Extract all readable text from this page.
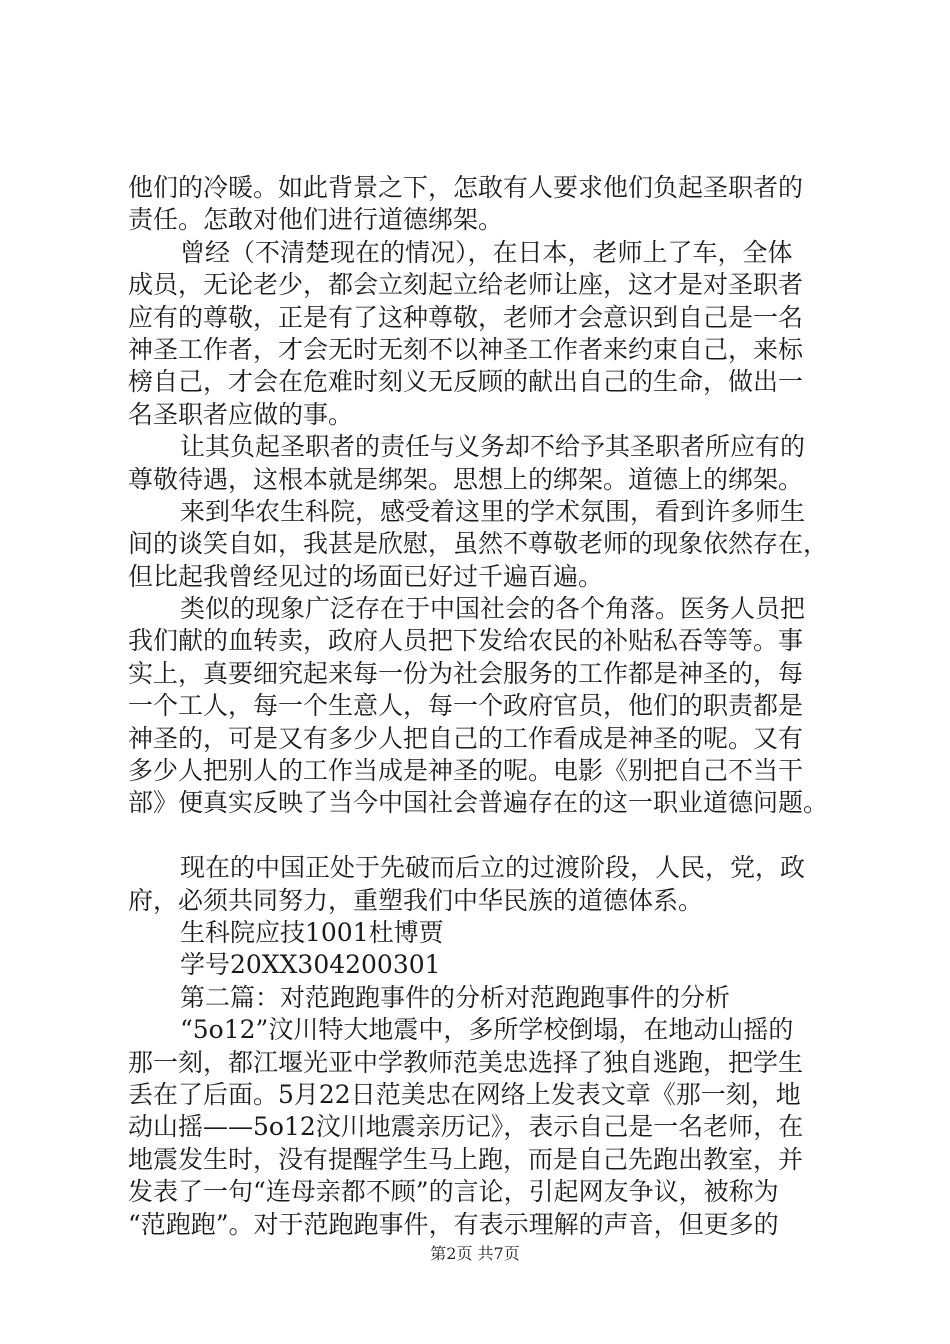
他们的冷暖。如此背景之下，怎敢有人要求他们负起圣职者的
责任。怎敢对他们进行道德绑架。
曾经（不清楚现在的情况），在日本，老师上了车，全体
成员，无论老少，都会立刻起立给老师让座，这才是对圣职者
应有的尊敬，正是有了这种尊敬，老师才会意识到自己是一名
神圣工作者，才会无时无刻不以神圣工作者来约束自己，来标
榜自己，才会在危难时刻义无反顾的献出自己的生命，做出一
名圣职者应做的事。
让其负起圣职者的责任与义务却不给予其圣职者所应有的
尊敬待遇，这根本就是绑架。思想上的绑架。道德上的绑架。
来到华农生科院，感受着这里的学术氛围，看到许多师生
间的谈笑自如，我甚是欣慰，虽然不尊敬老师的现象依然存在，
但比起我曾经见过的场面已好过千遍百遍。
类似的现象广泛存在于中国社会的各个角落。医务人员把
我们献的血转卖，政府人员把下发给农民的补贴私吞等等。事
实上，真要细究起来每一份为社会服务的工作都是神圣的，每
一个工人，每一个生意人，每一个政府官员，他们的职责都是
神圣的，可是又有多少人把自己的工作看成是神圣的呢。又有
多少人把别人的工作当成是神圣的呢。电影《别把自己不当干
部》便真实反映了当今中国社会普遍存在的这一职业道德问题。
现在的中国正处于先破而后立的过渡阶段，人民，党，政
府，必须共同努力，重塑我们中华民族的道德体系。
生科院应技1001杜博贾
学号20XX304200301
第二篇：对范跑跑事件的分析对范跑跑事件的分析
“5o12”汶川特大地震中，多所学校倒塌，在地动山摇的
那一刻，都江堰光亚中学教师范美忠选择了独自逃跑，把学生
丢在了后面。5月22日范美忠在网络上发表文章《那一刻，地
动山摇——5o12汶川地震亲历记》，表示自己是一名老师，在
地震发生时，没有提醒学生马上跑，而是自己先跑出教室，并
发表了一句“连母亲都不顾”的言论，引起网友争议，被称为
“范跑跑”。对于范跑跑事件，有表示理解的声音，但更多的
第2页 共7页
